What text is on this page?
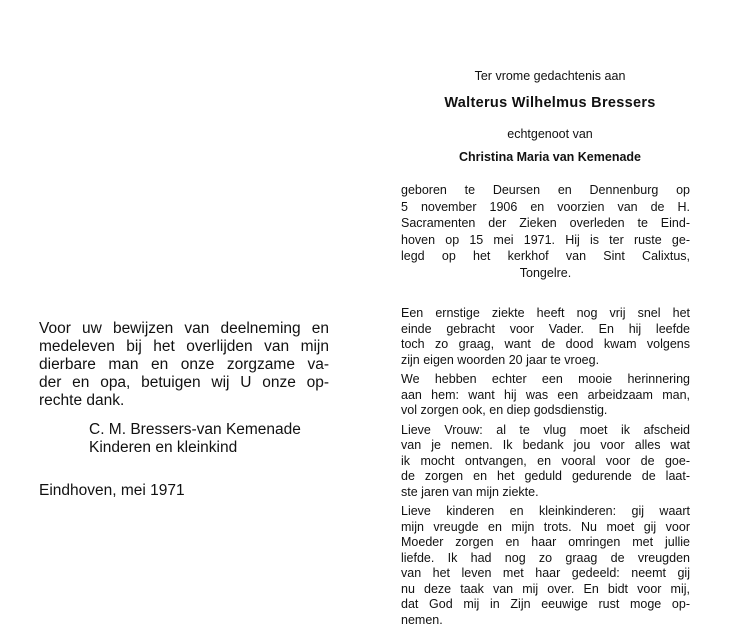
Voor uw bewijzen van deelneming en
medeleven bij het overlijden van mijn
dierbare man en onze zorgzame va-
der en opa, betuigen wij U onze op-
rechte dank.
C. M. Bressers-van Kemenade
Kinderen en kleinkind
Eindhoven, mei 1971
Ter vrome gedachtenis aan
Walterus Wilhelmus Bressers
echtgenoot van
Christina Maria van Kemenade
geboren te Deursen en Dennenburg op
5 november 1906 en voorzien van de H.
Sacramenten der Zieken overleden te Eind-
hoven op 15 mei 1971. Hij is ter ruste ge-
legd op het kerkhof van Sint Calixtus,
Tongelre.
Een ernstige ziekte heeft nog vrij snel het
einde gebracht voor Vader. En hij leefde
toch zo graag, want de dood kwam volgens
zijn eigen woorden 20 jaar te vroeg.
We hebben echter een mooie herinnering
aan hem: want hij was een arbeidzaam man,
vol zorgen ook, en diep godsdienstig.
Lieve Vrouw: al te vlug moet ik afscheid
van je nemen. Ik bedank jou voor alles wat
ik mocht ontvangen, en vooral voor de goe-
de zorgen en het geduld gedurende de laat-
ste jaren van mijn ziekte.
Lieve kinderen en kleinkinderen: gij waart
mijn vreugde en mijn trots. Nu moet gij voor
Moeder zorgen en haar omringen met jullie
liefde. Ik had nog zo graag de vreugden
van het leven met haar gedeeld: neemt gij
nu deze taak van mij over. En bidt voor mij,
dat God mij in Zijn eeuwige rust moge op-
nemen.
